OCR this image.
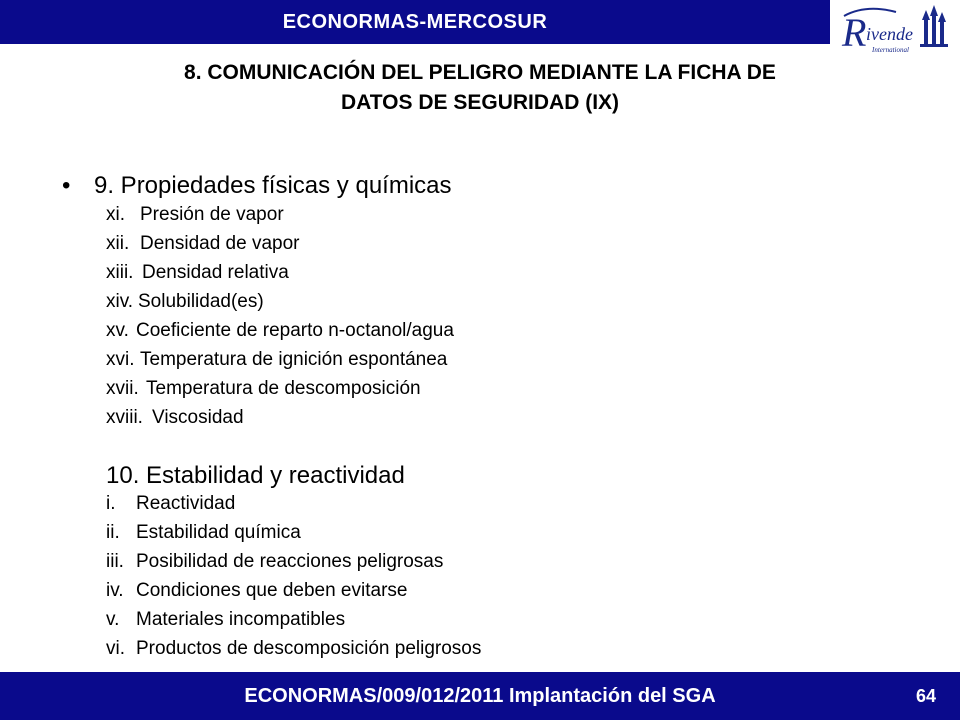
ECONORMAS-MERCOSUR	R ivende
International
8. COMUNICACIÓN DEL PELIGRO MEDIANTE LA FICHA DE
DATOS DE SEGURIDAD (IX)
• 9. Propiedades físicas y químicas
xi. Presión de vapor
xii. Densidad de vapor
xiii. Densidad relativa
xiv. Solubilidad(es)
xv. Coeficiente de reparto n-octanol/agua
xvi. Temperatura de ignición espontánea
xvii. Temperatura de descomposición
xviii. Viscosidad
10. Estabilidad y reactividad
i. Reactividad
ii. Estabilidad química
iii. Posibilidad de reacciones peligrosas
iv. Condiciones que deben evitarse
v. Materiales incompatibles
vi. Productos de descomposición peligrosos
ECONORMAS/009/012/2011 Implantación del SGA	64
